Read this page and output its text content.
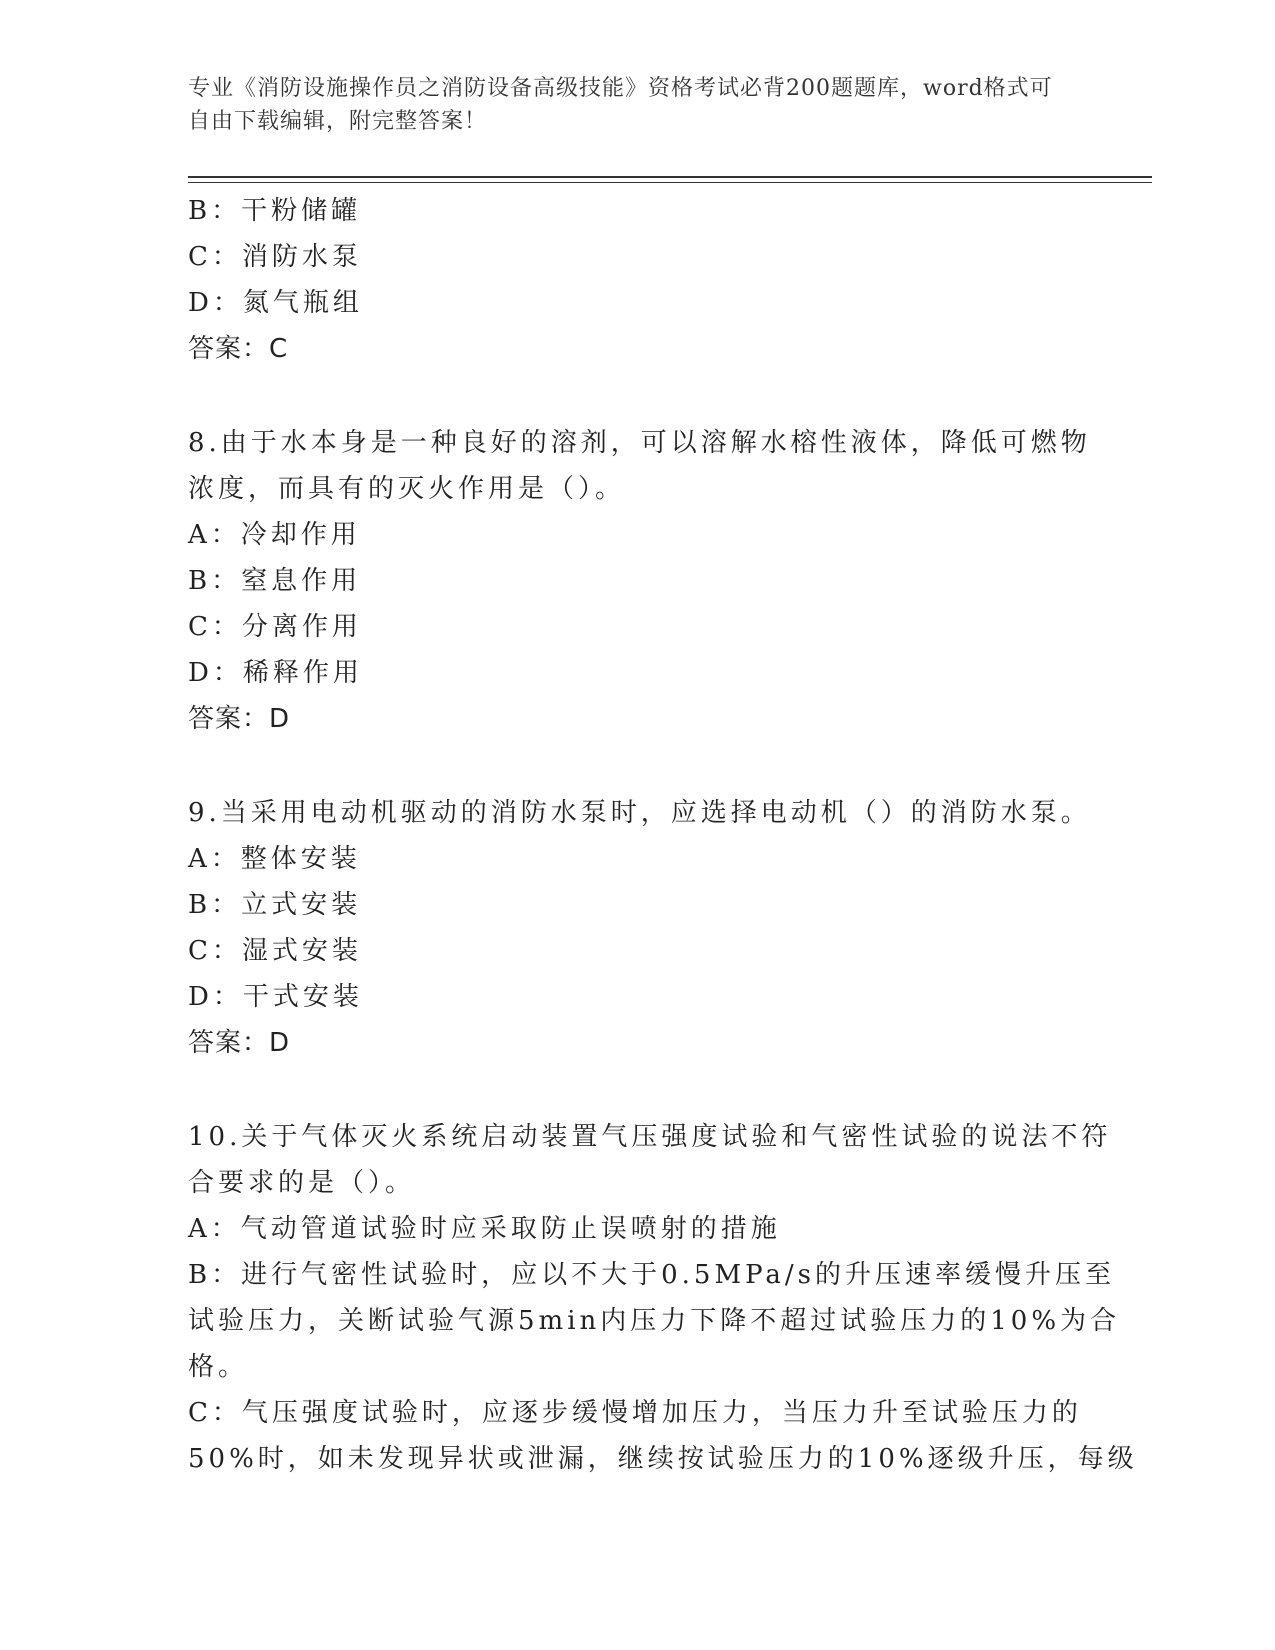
专业《消防设施操作员之消防设备高级技能》资格考试必背200题题库，word格式可自由下载编辑，附完整答案！
B：干粉储罐
C：消防水泵
D：氮气瓶组
答案：C
8.由于水本身是一种良好的溶剂，可以溶解水榕性液体，降低可燃物
浓度，而具有的灭火作用是（）。
A：冷却作用
B：窒息作用
C：分离作用
D：稀释作用
答案：D
9.当采用电动机驱动的消防水泵时，应选择电动机（）的消防水泵。
A：整体安装
B：立式安装
C：湿式安装
D：干式安装
答案：D
10.关于气体灭火系统启动装置气压强度试验和气密性试验的说法不符
合要求的是（）。
A：气动管道试验时应采取防止误喷射的措施
B：进行气密性试验时，应以不大于0.5MPa/s的升压速率缓慢升压至
试验压力，关断试验气源5min内压力下降不超过试验压力的10%为合
格。
C：气压强度试验时，应逐步缓慢增加压力，当压力升至试验压力的
50%时，如未发现异状或泄漏，继续按试验压力的10%逐级升压，每级
